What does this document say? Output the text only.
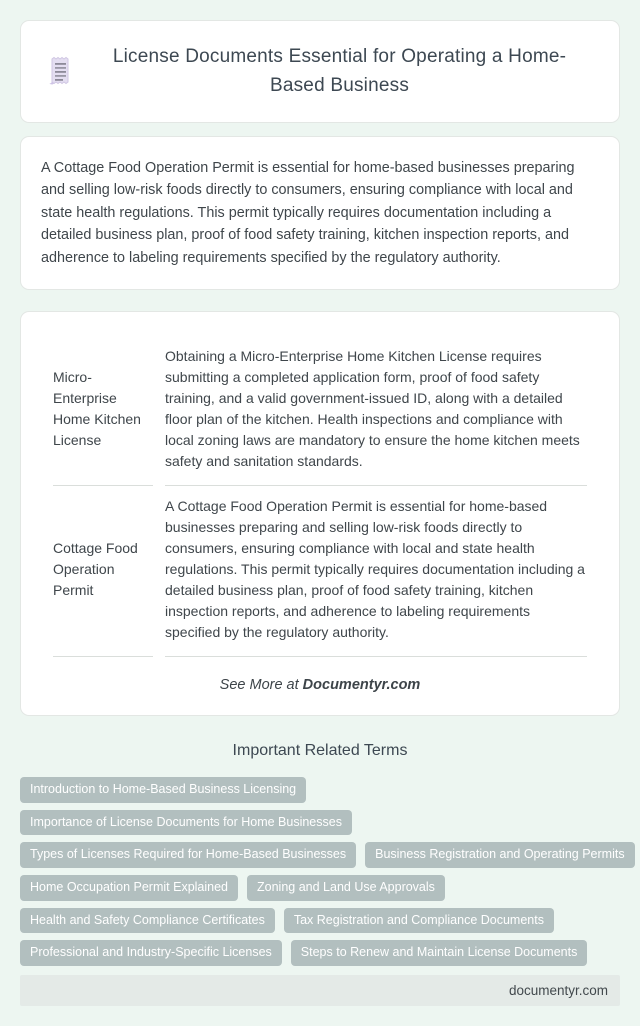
License Documents Essential for Operating a Home-Based Business

A Cottage Food Operation Permit is essential for home-based businesses preparing and selling low-risk foods directly to consumers, ensuring compliance with local and state health regulations. This permit typically requires documentation including a detailed business plan, proof of food safety training, kitchen inspection reports, and adherence to labeling requirements specified by the regulatory authority.

Micro-Enterprise Home Kitchen License	Obtaining a Micro-Enterprise Home Kitchen License requires submitting a completed application form, proof of food safety training, and a valid government-issued ID, along with a detailed floor plan of the kitchen. Health inspections and compliance with local zoning laws are mandatory to ensure the home kitchen meets safety and sanitation standards.
Cottage Food Operation Permit	A Cottage Food Operation Permit is essential for home-based businesses preparing and selling low-risk foods directly to consumers, ensuring compliance with local and state health regulations. This permit typically requires documentation including a detailed business plan, proof of food safety training, kitchen inspection reports, and adherence to labeling requirements specified by the regulatory authority.

See More at Documentyr.com

Important Related Terms
Introduction to Home-Based Business Licensing
Importance of License Documents for Home Businesses
Types of Licenses Required for Home-Based Businesses	Business Registration and Operating Permits
Home Occupation Permit Explained	Zoning and Land Use Approvals
Health and Safety Compliance Certificates	Tax Registration and Compliance Documents
Professional and Industry-Specific Licenses	Steps to Renew and Maintain License Documents
documentyr.com
